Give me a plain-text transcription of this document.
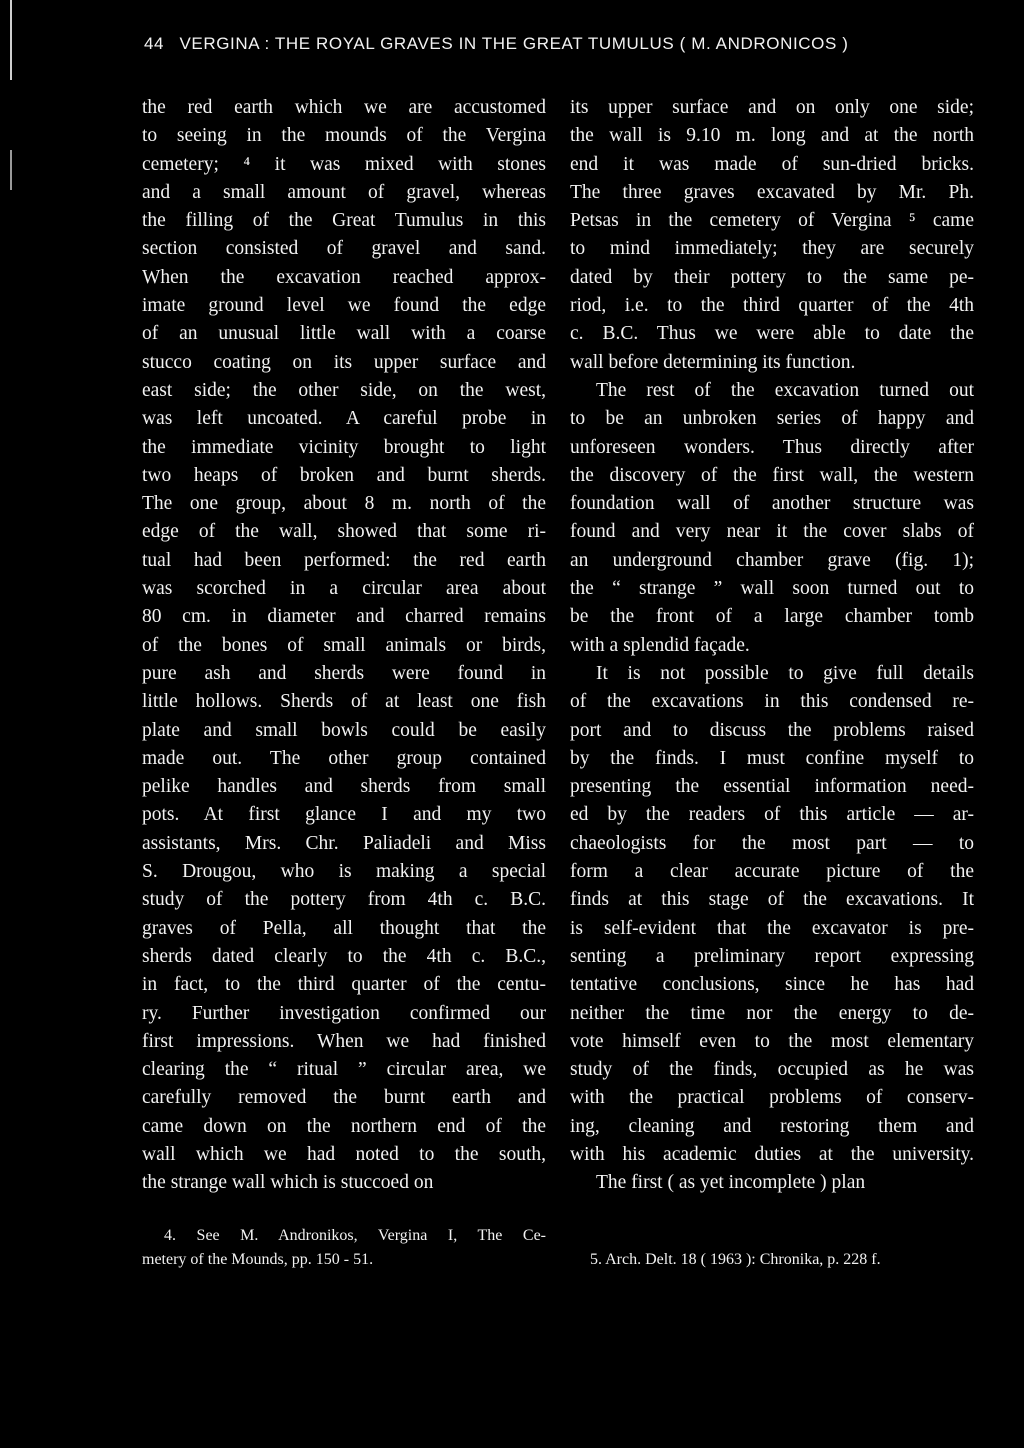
44 VERGINA : THE ROYAL GRAVES IN THE GREAT TUMULUS ( M. ANDRONICOS )
the red earth which we are accustomed
to seeing in the mounds of the Vergina
cemetery; ⁴ it was mixed with stones
and a small amount of gravel, whereas
the filling of the Great Tumulus in this
section consisted of gravel and sand.
When the excavation reached approx-
imate ground level we found the edge
of an unusual little wall with a coarse
stucco coating on its upper surface and
east side; the other side, on the west,
was left uncoated. A careful probe in
the immediate vicinity brought to light
two heaps of broken and burnt sherds.
The one group, about 8 m. north of the
edge of the wall, showed that some ri-
tual had been performed: the red earth
was scorched in a circular area about
80 cm. in diameter and charred remains
of the bones of small animals or birds,
pure ash and sherds were found in
little hollows. Sherds of at least one fish
plate and small bowls could be easily
made out. The other group contained
pelike handles and sherds from small
pots. At first glance I and my two
assistants, Mrs. Chr. Paliadeli and Miss
S. Drougou, who is making a special
study of the pottery from 4th c. B.C.
graves of Pella, all thought that the
sherds dated clearly to the 4th c. B.C.,
in fact, to the third quarter of the centu-
ry. Further investigation confirmed our
first impressions. When we had finished
clearing the “ ritual ” circular area, we
carefully removed the burnt earth and
came down on the northern end of the
wall which we had noted to the south,
the strange wall which is stuccoed on
its upper surface and on only one side;
the wall is 9.10 m. long and at the north
end it was made of sun-dried bricks.
The three graves excavated by Mr. Ph.
Petsas in the cemetery of Vergina ⁵ came
to mind immediately; they are securely
dated by their pottery to the same pe-
riod, i.e. to the third quarter of the 4th
c. B.C. Thus we were able to date the
wall before determining its function.
The rest of the excavation turned out
to be an unbroken series of happy and
unforeseen wonders. Thus directly after
the discovery of the first wall, the western
foundation wall of another structure was
found and very near it the cover slabs of
an underground chamber grave (fig. 1);
the “ strange ” wall soon turned out to
be the front of a large chamber tomb
with a splendid façade.
It is not possible to give full details
of the excavations in this condensed re-
port and to discuss the problems raised
by the finds. I must confine myself to
presenting the essential information need-
ed by the readers of this article — ar-
chaeologists for the most part — to
form a clear accurate picture of the
finds at this stage of the excavations. It
is self-evident that the excavator is pre-
senting a preliminary report expressing
tentative conclusions, since he has had
neither the time nor the energy to de-
vote himself even to the most elementary
study of the finds, occupied as he was
with the practical problems of conserv-
ing, cleaning and restoring them and
with his academic duties at the university.
The first ( as yet incomplete ) plan
4. See M. Andronikos, Vergina I, The Ce-
metery of the Mounds, pp. 150 - 51.	5. Arch. Delt. 18 ( 1963 ): Chronika, p. 228 f.
